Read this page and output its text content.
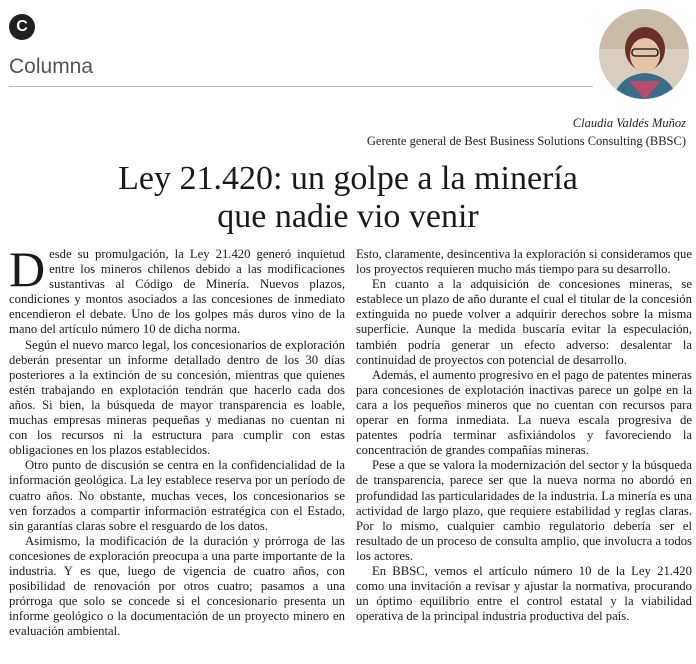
C
Columna
Claudia Valdés Muñoz
Gerente general de Best Business Solutions Consulting (BBSC)
Ley 21.420: un golpe a la minería
que nadie vio venir

Desde su promulgación, la Ley 21.420 generó inquietud entre los mineros chilenos debido a las modificaciones sustantivas al Código de Minería. Nuevos plazos, condiciones y montos asociados a las concesiones de inmediato encendieron el debate. Uno de los golpes más duros vino de la mano del artículo número 10 de dicha norma.

Según el nuevo marco legal, los concesionarios de exploración deberán presentar un informe detallado dentro de los 30 días posteriores a la extinción de su concesión, mientras que quienes estén trabajando en explotación tendrán que hacerlo cada dos años. Si bien, la búsqueda de mayor transparencia es loable, muchas empresas mineras pequeñas y medianas no cuentan ni con los recursos ni la estructura para cumplir con estas obligaciones en los plazos establecidos.

Otro punto de discusión se centra en la confidencialidad de la información geológica. La ley establece reserva por un período de cuatro años. No obstante, muchas veces, los concesionarios se ven forzados a compartir información estratégica con el Estado, sin garantías claras sobre el resguardo de los datos.

Asimismo, la modificación de la duración y prórroga de las concesiones de exploración preocupa a una parte importante de la industria. Y es que, luego de vigencia de cuatro años, con posibilidad de renovación por otros cuatro; pasamos a una prórroga que solo se concede si el concesionario presenta un informe geológico o la documentación de un proyecto minero en evaluación ambiental.

Esto, claramente, desincentiva la exploración si consideramos que los proyectos requieren mucho más tiempo para su desarrollo.

En cuanto a la adquisición de concesiones mineras, se establece un plazo de año durante el cual el titular de la concesión extinguida no puede volver a adquirir derechos sobre la misma superficie. Aunque la medida buscaría evitar la especulación, también podría generar un efecto adverso: desalentar la continuidad de proyectos con potencial de desarrollo.

Además, el aumento progresivo en el pago de patentes mineras para concesiones de explotación inactivas parece un golpe en la cara a los pequeños mineros que no cuentan con recursos para operar en forma inmediata. La nueva escala progresiva de patentes podría terminar asfixiándolos y favoreciendo la concentración de grandes compañías mineras.

Pese a que se valora la modernización del sector y la búsqueda de transparencia, parece ser que la nueva norma no abordó en profundidad las particularidades de la industria. La minería es una actividad de largo plazo, que requiere estabilidad y reglas claras. Por lo mismo, cualquier cambio regulatorio debería ser el resultado de un proceso de consulta amplio, que involucra a todos los actores.

En BBSC, vemos el artículo número 10 de la Ley 21.420 como una invitación a revisar y ajustar la normativa, procurando un óptimo equilibrio entre el control estatal y la viabilidad operativa de la principal industria productiva del país.
